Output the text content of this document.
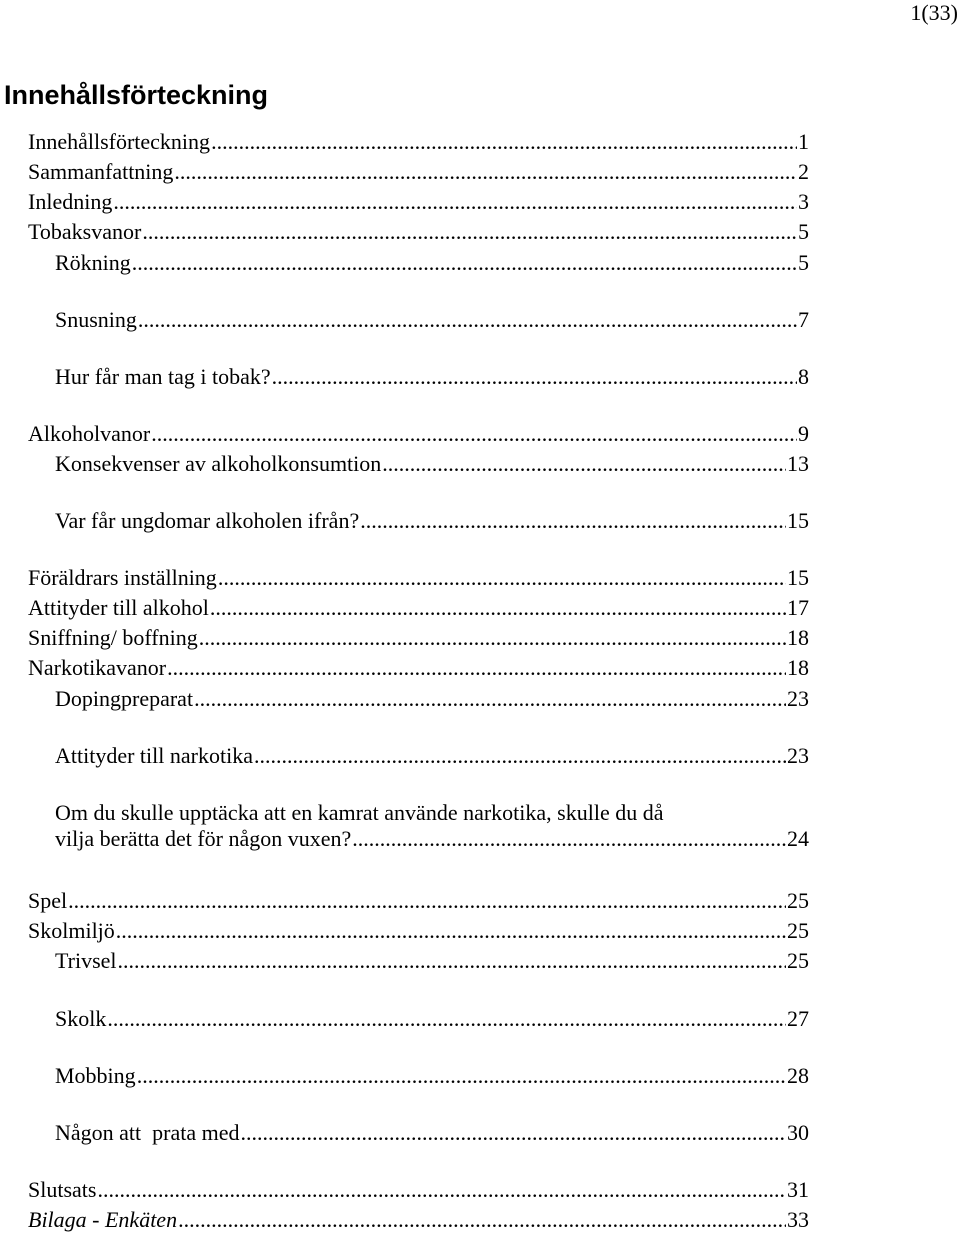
1(33)
Innehållsförteckning
Innehållsförteckning .....	1
Sammanfattning .....	2
Inledning .....	3
Tobaksvanor .....	5
Rökning .....	5
Snusning .....	7
Hur får man tag i tobak? .....	8
Alkoholvanor .....	9
Konsekvenser av alkoholkonsumtion .....	13
Var får ungdomar alkoholen ifrån? .....	15
Föräldrars inställning .....	15
Attityder till alkohol .....	17
Sniffning/ boffning .....	18
Narkotikavanor .....	18
Dopingpreparat .....	23
Attityder till narkotika .....	23
Om du skulle upptäcka att en kamrat använde narkotika, skulle du då
vilja berätta det för någon vuxen? .....	24
Spel .....	25
Skolmiljö .....	25
Trivsel .....	25
Skolk .....	27
Mobbing .....	28
Någon att  prata med .....	30
Slutsats .....	31
Bilaga - Enkäten .....	33
